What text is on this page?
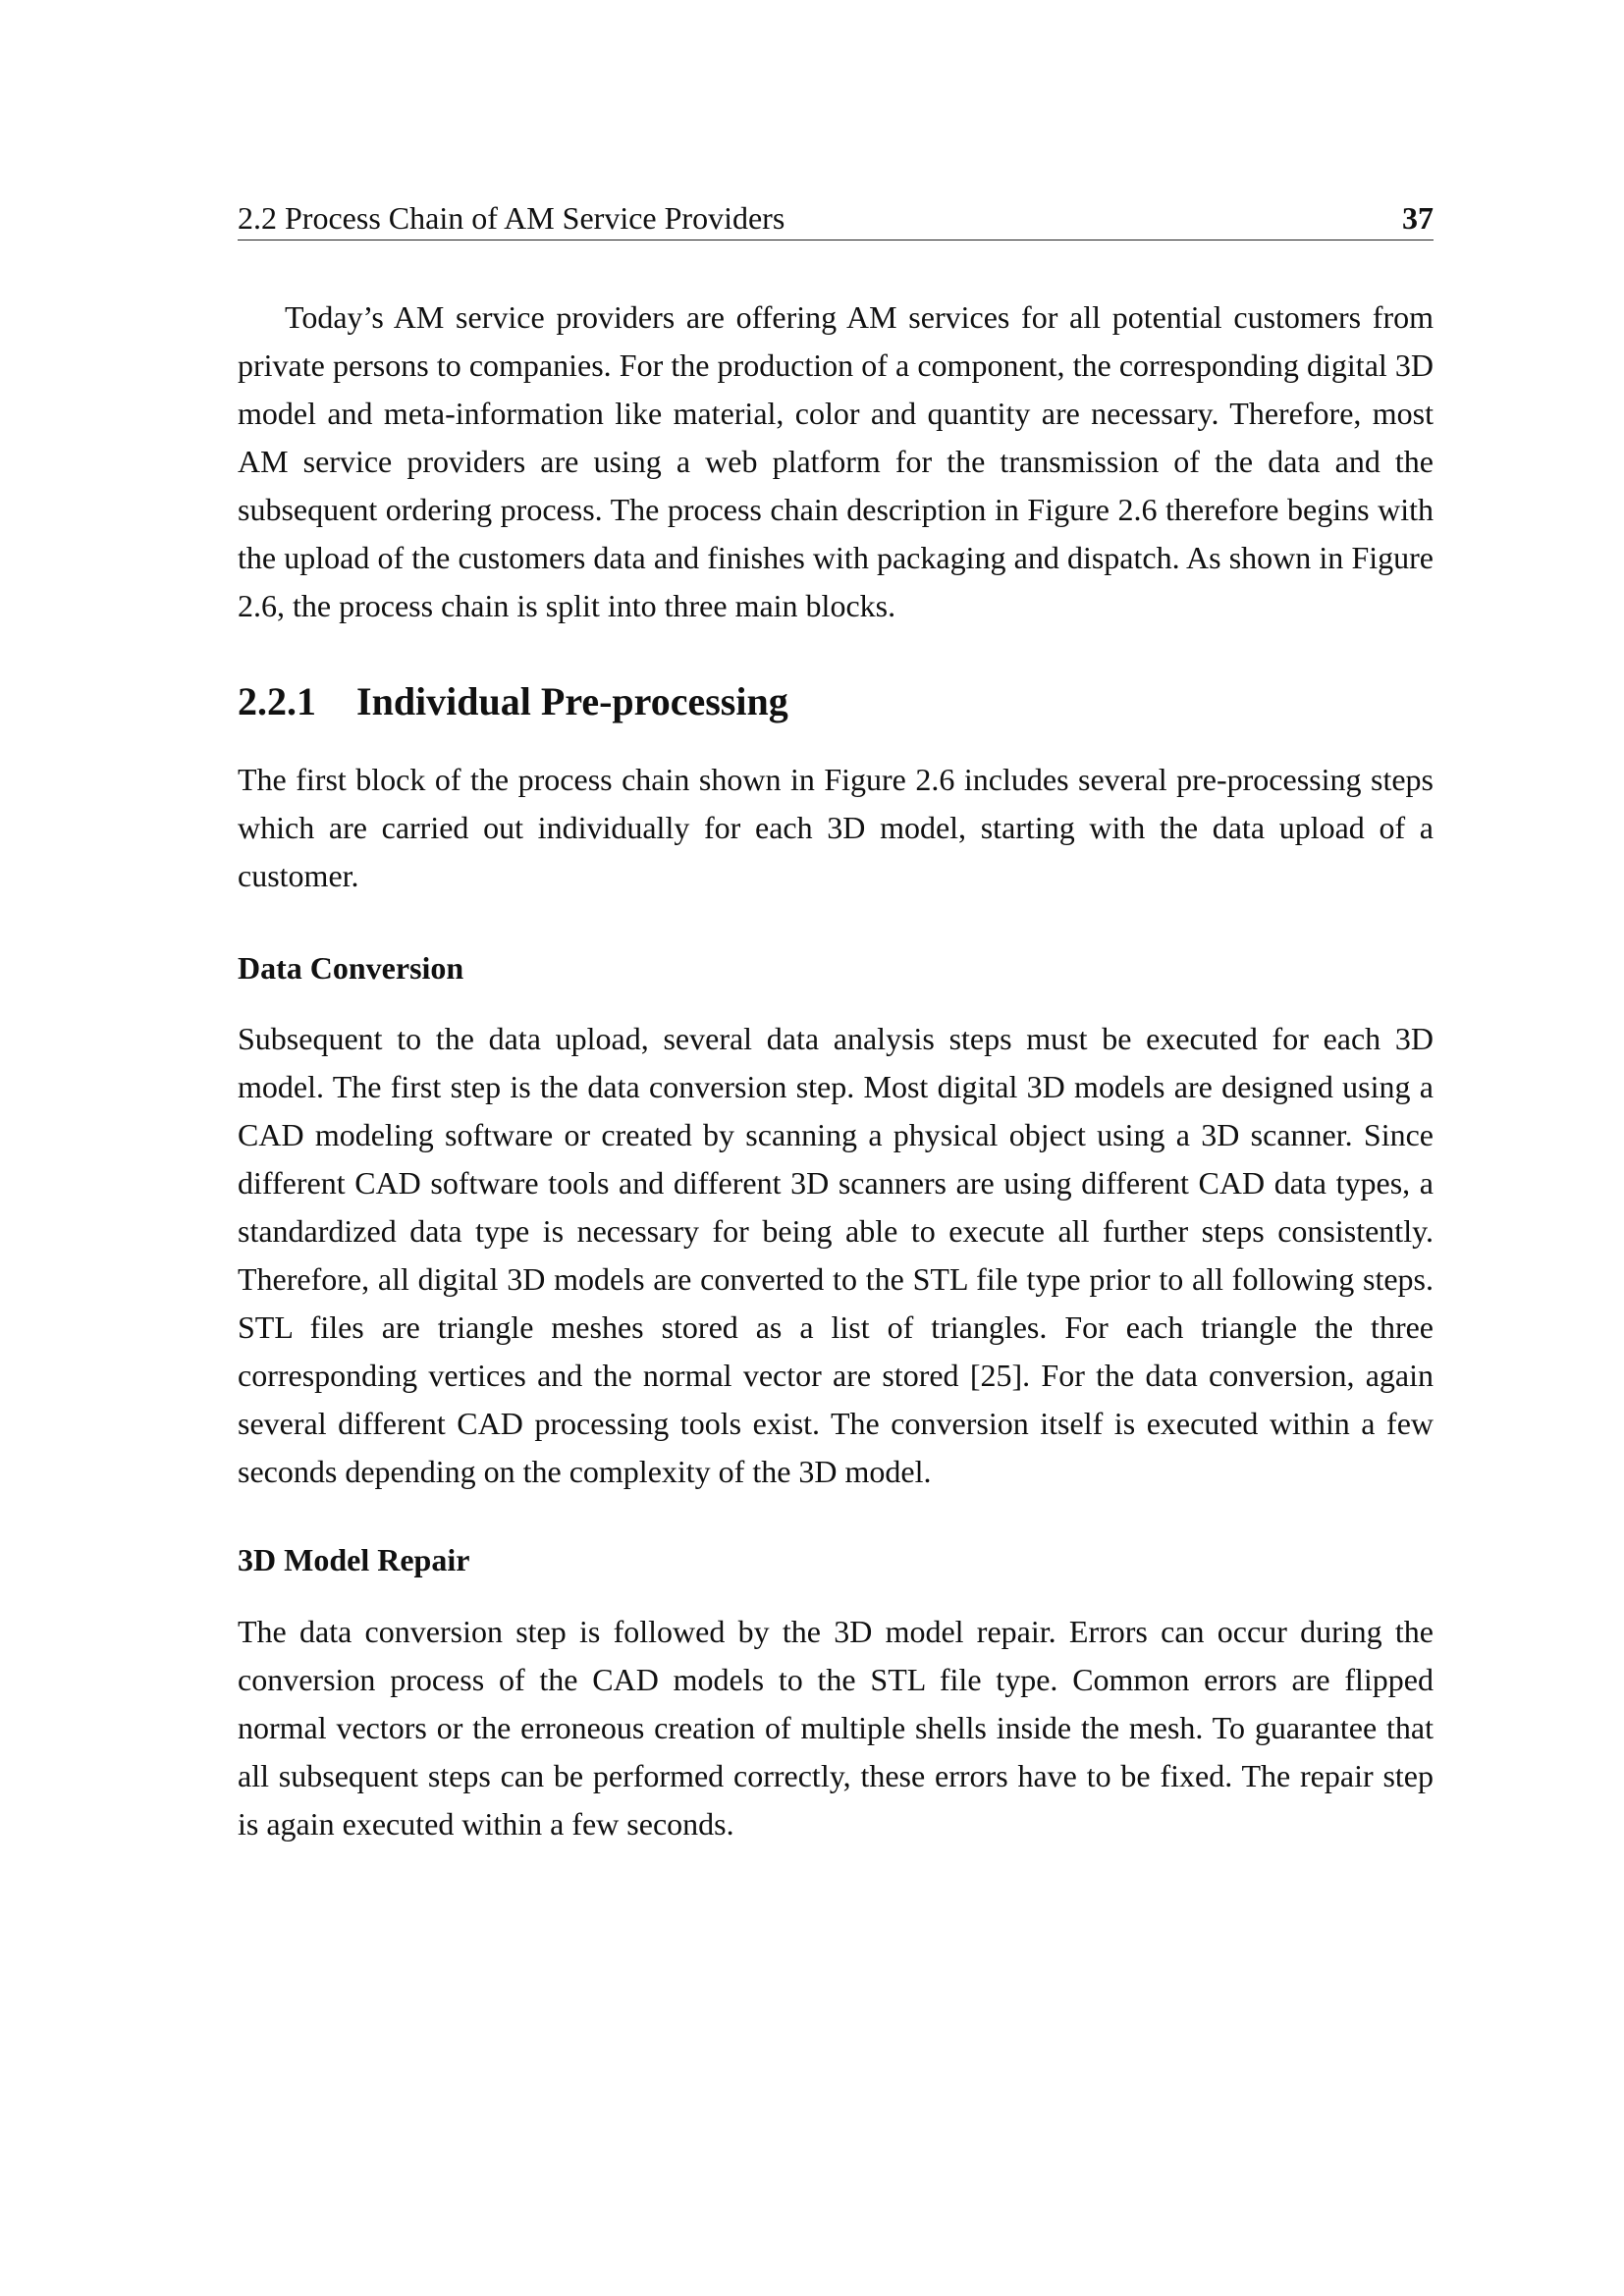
2.2 Process Chain of AM Service Providers	37

Today’s AM service providers are offering AM services for all potential customers from private persons to companies. For the production of a component, the corresponding digital 3D model and meta-information like material, color and quantity are necessary. Therefore, most AM service providers are using a web platform for the transmission of the data and the subsequent ordering process. The process chain description in Figure 2.6 therefore begins with the upload of the customers data and finishes with packaging and dispatch. As shown in Figure 2.6, the process chain is split into three main blocks.

2.2.1 Individual Pre-processing

The first block of the process chain shown in Figure 2.6 includes several pre-processing steps which are carried out individually for each 3D model, starting with the data upload of a customer.

Data Conversion

Subsequent to the data upload, several data analysis steps must be executed for each 3D model. The first step is the data conversion step. Most digital 3D models are designed using a CAD modeling software or created by scanning a physical object using a 3D scanner. Since different CAD software tools and different 3D scanners are using different CAD data types, a standardized data type is necessary for being able to execute all further steps consistently. Therefore, all digital 3D models are converted to the STL file type prior to all following steps. STL files are triangle meshes stored as a list of triangles. For each triangle the three corresponding vertices and the normal vector are stored [25]. For the data conversion, again several different CAD processing tools exist. The conversion itself is executed within a few seconds depending on the complexity of the 3D model.

3D Model Repair

The data conversion step is followed by the 3D model repair. Errors can occur during the conversion process of the CAD models to the STL file type. Common errors are flipped normal vectors or the erroneous creation of multiple shells inside the mesh. To guarantee that all subsequent steps can be performed correctly, these errors have to be fixed. The repair step is again executed within a few seconds.
